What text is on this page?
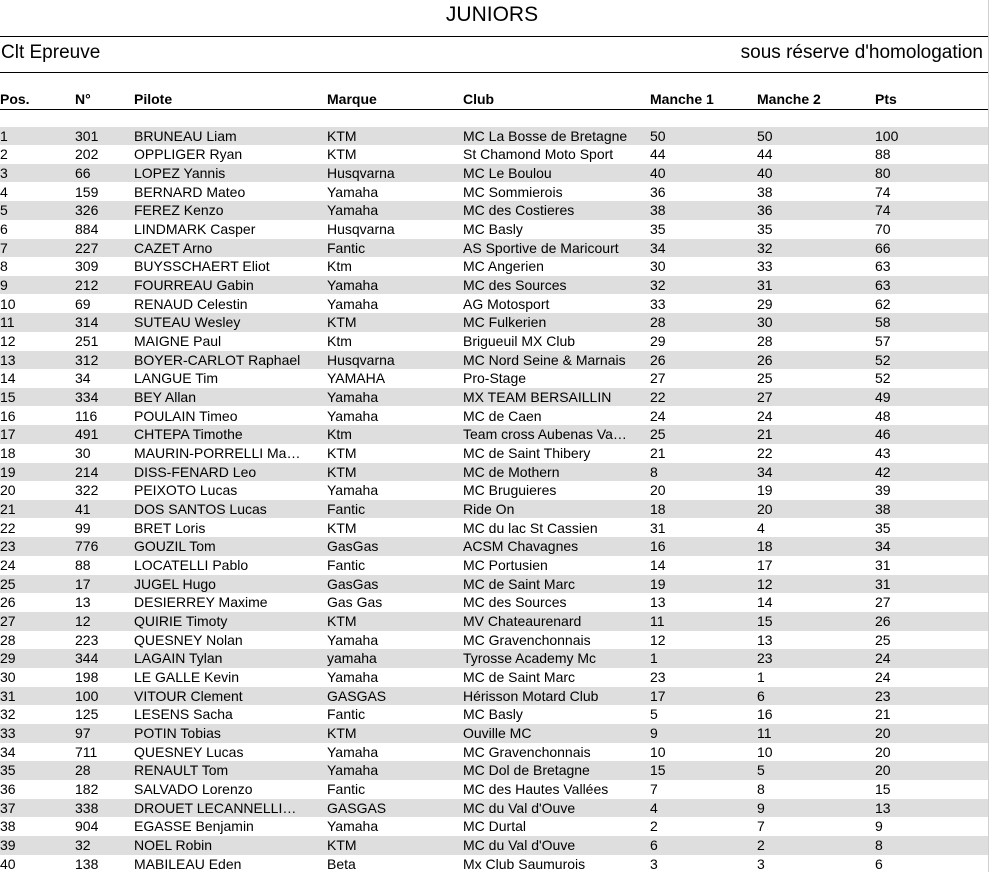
JUNIORS
Clt Epreuve	sous réserve d'homologation
Pos.	N°	Pilote	Marque	Club	Manche 1	Manche 2	Pts
1	301	BRUNEAU Liam	KTM	MC La Bosse de Bretagne	50	50	100
2	202	OPPLIGER Ryan	KTM	St Chamond Moto Sport	44	44	88
3	66	LOPEZ Yannis	Husqvarna	MC Le Boulou	40	40	80
4	159	BERNARD Mateo	Yamaha	MC Sommierois	36	38	74
5	326	FEREZ Kenzo	Yamaha	MC des Costieres	38	36	74
6	884	LINDMARK Casper	Husqvarna	MC Basly	35	35	70
7	227	CAZET Arno	Fantic	AS Sportive de Maricourt	34	32	66
8	309	BUYSSCHAERT Eliot	Ktm	MC Angerien	30	33	63
9	212	FOURREAU Gabin	Yamaha	MC des Sources	32	31	63
10	69	RENAUD Celestin	Yamaha	AG Motosport	33	29	62
11	314	SUTEAU Wesley	KTM	MC Fulkerien	28	30	58
12	251	MAIGNE Paul	Ktm	Brigueuil MX Club	29	28	57
13	312	BOYER-CARLOT Raphael	Husqvarna	MC Nord Seine & Marnais	26	26	52
14	34	LANGUE Tim	YAMAHA	Pro-Stage	27	25	52
15	334	BEY Allan	Yamaha	MX TEAM BERSAILLIN	22	27	49
16	116	POULAIN Timeo	Yamaha	MC de Caen	24	24	48
17	491	CHTEPA Timothe	Ktm	Team cross Aubenas Va…	25	21	46
18	30	MAURIN-PORRELLI Ma…	KTM	MC de Saint Thibery	21	22	43
19	214	DISS-FENARD Leo	KTM	MC de Mothern	8	34	42
20	322	PEIXOTO Lucas	Yamaha	MC Bruguieres	20	19	39
21	41	DOS SANTOS Lucas	Fantic	Ride On	18	20	38
22	99	BRET Loris	KTM	MC du lac St Cassien	31	4	35
23	776	GOUZIL Tom	GasGas	ACSM Chavagnes	16	18	34
24	88	LOCATELLI Pablo	Fantic	MC Portusien	14	17	31
25	17	JUGEL Hugo	GasGas	MC de Saint Marc	19	12	31
26	13	DESIERREY Maxime	Gas Gas	MC des Sources	13	14	27
27	12	QUIRIE Timoty	KTM	MV Chateaurenard	11	15	26
28	223	QUESNEY Nolan	Yamaha	MC Gravenchonnais	12	13	25
29	344	LAGAIN Tylan	yamaha	Tyrosse Academy Mc	1	23	24
30	198	LE GALLE Kevin	Yamaha	MC de Saint Marc	23	1	24
31	100	VITOUR Clement	GASGAS	Hérisson Motard Club	17	6	23
32	125	LESENS Sacha	Fantic	MC Basly	5	16	21
33	97	POTIN Tobias	KTM	Ouville MC	9	11	20
34	711	QUESNEY Lucas	Yamaha	MC Gravenchonnais	10	10	20
35	28	RENAULT Tom	Yamaha	MC Dol de Bretagne	15	5	20
36	182	SALVADO Lorenzo	Fantic	MC des Hautes Vallées	7	8	15
37	338	DROUET LECANNELLI…	GASGAS	MC du Val d'Ouve	4	9	13
38	904	EGASSE Benjamin	Yamaha	MC Durtal	2	7	9
39	32	NOEL Robin	KTM	MC du Val d'Ouve	6	2	8
40	138	MABILEAU Eden	Beta	Mx Club Saumurois	3	3	6
